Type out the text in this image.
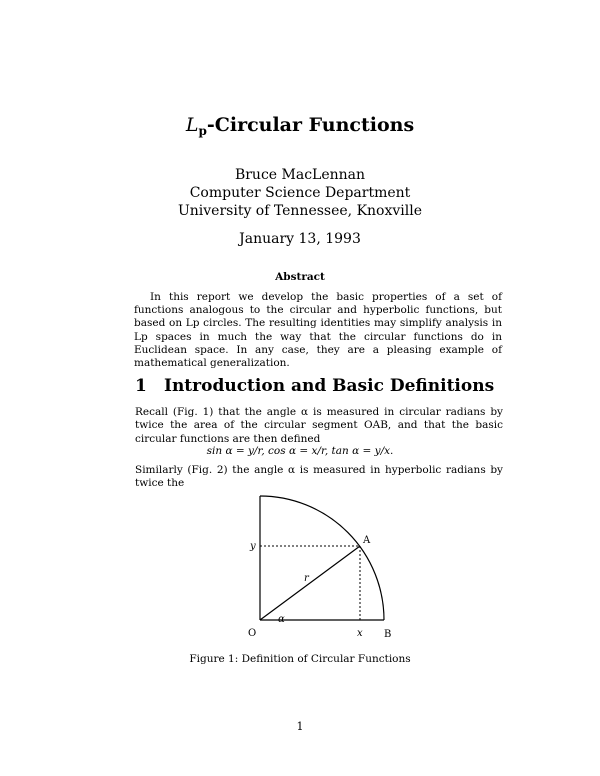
$L_p$-Circular Functions
Bruce MacLennan
Computer Science Department
University of Tennessee, Knoxville
January 13, 1993
Abstract
In this report we develop the basic properties of a set of functions analogous to the circular and hyperbolic functions, but based on Lp circles. The resulting identities may simplify analysis in Lp spaces in much the way that the circular functions do in Euclidean space. In any case, they are a pleasing example of mathematical generalization.
1 Introduction and Basic Definitions
Recall (Fig. 1) that the angle α is measured in circular radians by twice the area of the circular segment OAB, and that the basic circular functions are then defined
sin α = y/r, cos α = x/r, tan α = y/x.
Similarly (Fig. 2) the angle α is measured in hyperbolic radians by twice the
y
A
r
α
O	x B
Figure 1: Definition of Circular Functions
1
